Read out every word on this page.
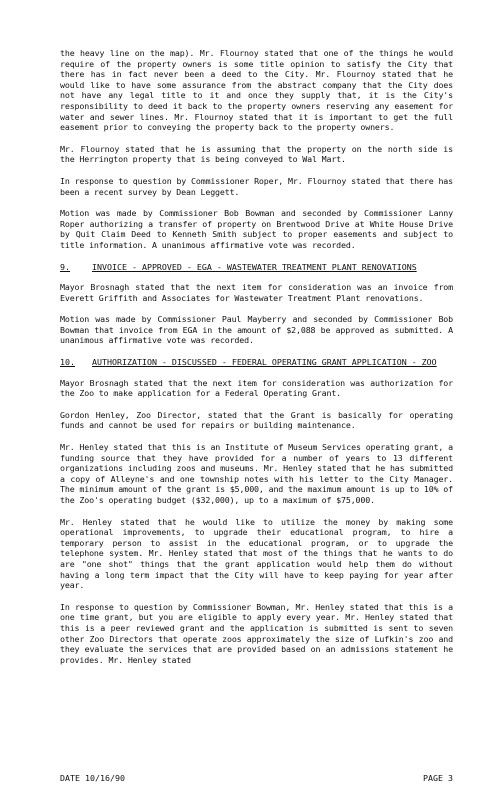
the heavy line on the map). Mr. Flournoy stated that one of the things he would require of the property owners is some title opinion to satisfy the City that there has in fact never been a deed to the City. Mr. Flournoy stated that he would like to have some assurance from the abstract company that the City does not have any legal title to it and once they supply that, it is the City's responsibility to deed it back to the property owners reserving any easement for water and sewer lines. Mr. Flournoy stated that it is important to get the full easement prior to conveying the property back to the property owners.

Mr. Flournoy stated that he is assuming that the property on the north side is the Herrington property that is being conveyed to Wal Mart.

In response to question by Commissioner Roper, Mr. Flournoy stated that there has been a recent survey by Dean Leggett.

Motion was made by Commissioner Bob Bowman and seconded by Commissioner Lanny Roper authorizing a transfer of property on Brentwood Drive at White House Drive by Quit Claim Deed to Kenneth Smith subject to proper easements and subject to title information. A unanimous affirmative vote was recorded.

9.	INVOICE - APPROVED - EGA - WASTEWATER TREATMENT PLANT RENOVATIONS

Mayor Brosnagh stated that the next item for consideration was an invoice from Everett Griffith and Associates for Wastewater Treatment Plant renovations.

Motion was made by Commissioner Paul Mayberry and seconded by Commissioner Bob Bowman that invoice from EGA in the amount of $2,088 be approved as submitted. A unanimous affirmative vote was recorded.

10.	AUTHORIZATION - DISCUSSED - FEDERAL OPERATING GRANT APPLICATION - ZOO

Mayor Brosnagh stated that the next item for consideration was authorization for the Zoo to make application for a Federal Operating Grant.

Gordon Henley, Zoo Director, stated that the Grant is basically for operating funds and cannot be used for repairs or building maintenance.

Mr. Henley stated that this is an Institute of Museum Services operating grant, a funding source that they have provided for a number of years to 13 different organizations including zoos and museums. Mr. Henley stated that he has submitted a copy of Alleyne's and one township notes with his letter to the City Manager. The minimum amount of the grant is $5,000, and the maximum amount is up to 10% of the Zoo's operating budget ($32,000), up to a maximum of $75,000.

Mr. Henley stated that he would like to utilize the money by making some operational improvements, to upgrade their educational program, to hire a temporary person to assist in the educational program, or to upgrade the telephone system. Mr. Henley stated that most of the things that he wants to do are "one shot" things that the grant application would help them do without having a long term impact that the City will have to keep paying for year after year.

In response to question by Commissioner Bowman, Mr. Henley stated that this is a one time grant, but you are eligible to apply every year. Mr. Henley stated that this is a peer reviewed grant and the application is submitted is sent to seven other Zoo Directors that operate zoos approximately the size of Lufkin's zoo and they evaluate the services that are provided based on an admissions statement he provides. Mr. Henley stated

DATE 10/16/90	PAGE 3
